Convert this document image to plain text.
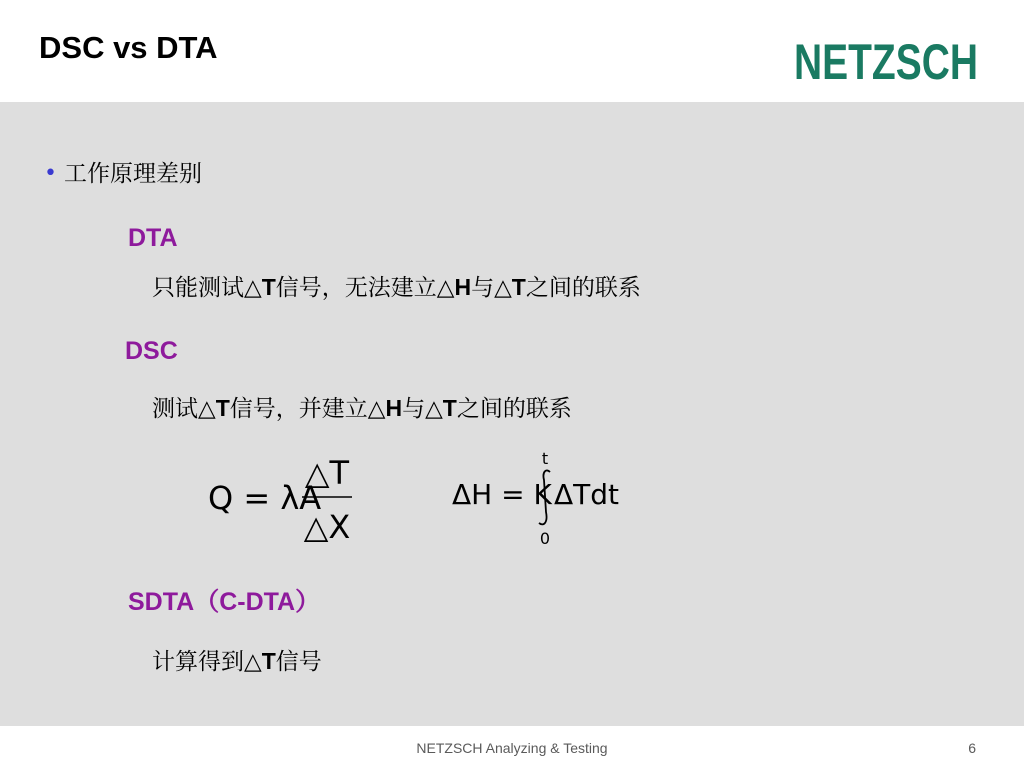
DSC vs DTA	NETZSCH
• 工作原理差别
DTA
只能测试△T信号，无法建立△H与△T之间的联系
DSC
测试△T信号，并建立△H与△T之间的联系
Q = λA
△T
△X
ΔH = K
t
0
ΔTdt
SDTA（C-DTA）
计算得到△T信号
NETZSCH Analyzing & Testing	6
